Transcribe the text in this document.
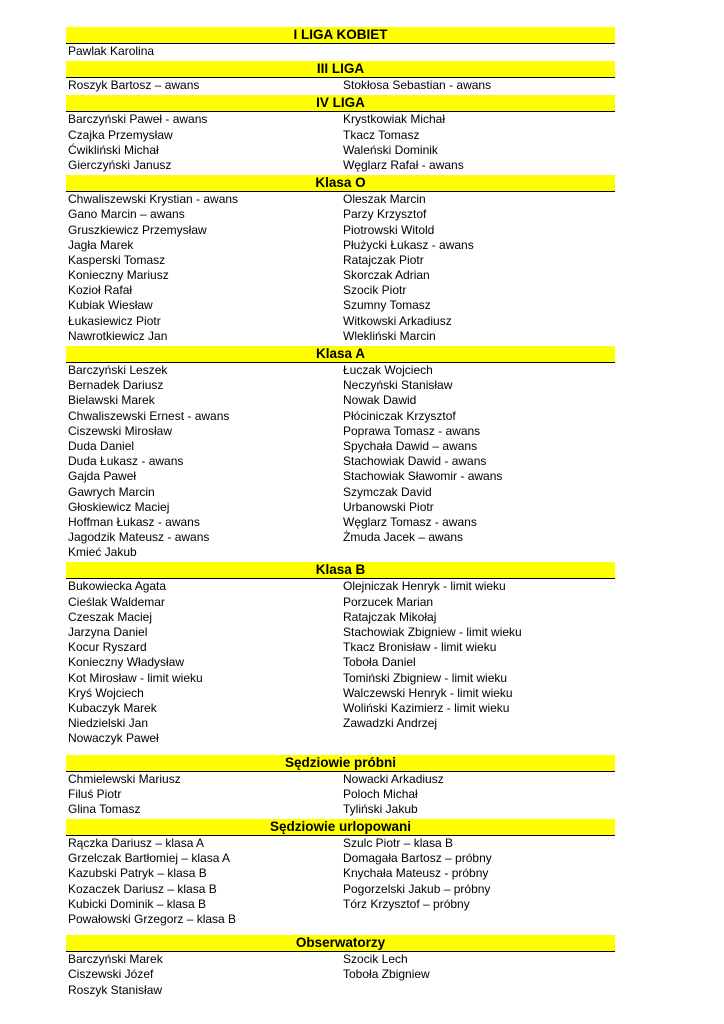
I LIGA KOBIET
Pawlak Karolina
III LIGA
Roszyk Bartosz – awans	Stokłosa Sebastian - awans
IV LIGA
Barczyński Paweł - awans	Krystkowiak Michał
Czajka Przemysław	Tkacz Tomasz
Ćwikliński Michał	Waleński Dominik
Gierczyński Janusz	Węglarz Rafał - awans
Klasa O
Chwaliszewski Krystian - awans	Oleszak Marcin
Gano Marcin – awans	Parzy Krzysztof
Gruszkiewicz Przemysław	Piotrowski Witold
Jagła Marek	Płużycki Łukasz - awans
Kasperski Tomasz	Ratajczak Piotr
Konieczny Mariusz	Skorczak Adrian
Kozioł Rafał	Szocik Piotr
Kubiak Wiesław	Szumny Tomasz
Łukasiewicz Piotr	Witkowski Arkadiusz
Nawrotkiewicz Jan	Wlekliński Marcin
Klasa A
Barczyński Leszek	Łuczak Wojciech
Bernadek Dariusz	Neczyński Stanisław
Bielawski Marek	Nowak Dawid
Chwaliszewski Ernest - awans	Płóciniczak Krzysztof
Ciszewski Mirosław	Poprawa Tomasz - awans
Duda Daniel	Spychała Dawid – awans
Duda Łukasz - awans	Stachowiak Dawid - awans
Gajda Paweł	Stachowiak Sławomir - awans
Gawrych Marcin	Szymczak David
Głoskiewicz Maciej	Urbanowski Piotr
Hoffman Łukasz - awans	Węglarz Tomasz - awans
Jagodzik Mateusz - awans	Żmuda Jacek – awans
Kmieć Jakub
Klasa B
Bukowiecka Agata	Olejniczak Henryk - limit wieku
Cieślak Waldemar	Porzucek Marian
Czeszak Maciej	Ratajczak Mikołaj
Jarzyna Daniel	Stachowiak Zbigniew - limit wieku
Kocur Ryszard	Tkacz Bronisław - limit wieku
Konieczny Władysław	Toboła Daniel
Kot Mirosław - limit wieku	Tomiński Zbigniew - limit wieku
Kryś Wojciech	Walczewski Henryk - limit wieku
Kubaczyk Marek	Woliński Kazimierz - limit wieku
Niedzielski Jan	Zawadzki Andrzej
Nowaczyk Paweł
Sędziowie próbni
Chmielewski Mariusz	Nowacki Arkadiusz
Filuś Piotr	Poloch Michał
Glina Tomasz	Tyliński Jakub
Sędziowie urlopowani
Rączka Dariusz – klasa A	Szulc Piotr – klasa B
Grzelczak Bartłomiej – klasa A	Domagała Bartosz – próbny
Kazubski Patryk – klasa B	Knychała Mateusz - próbny
Kozaczek Dariusz – klasa B	Pogorzelski Jakub – próbny
Kubicki Dominik – klasa B	Tórz Krzysztof – próbny
Powałowski Grzegorz – klasa B
Obserwatorzy
Barczyński Marek	Szocik Lech
Ciszewski Józef	Toboła Zbigniew
Roszyk Stanisław
